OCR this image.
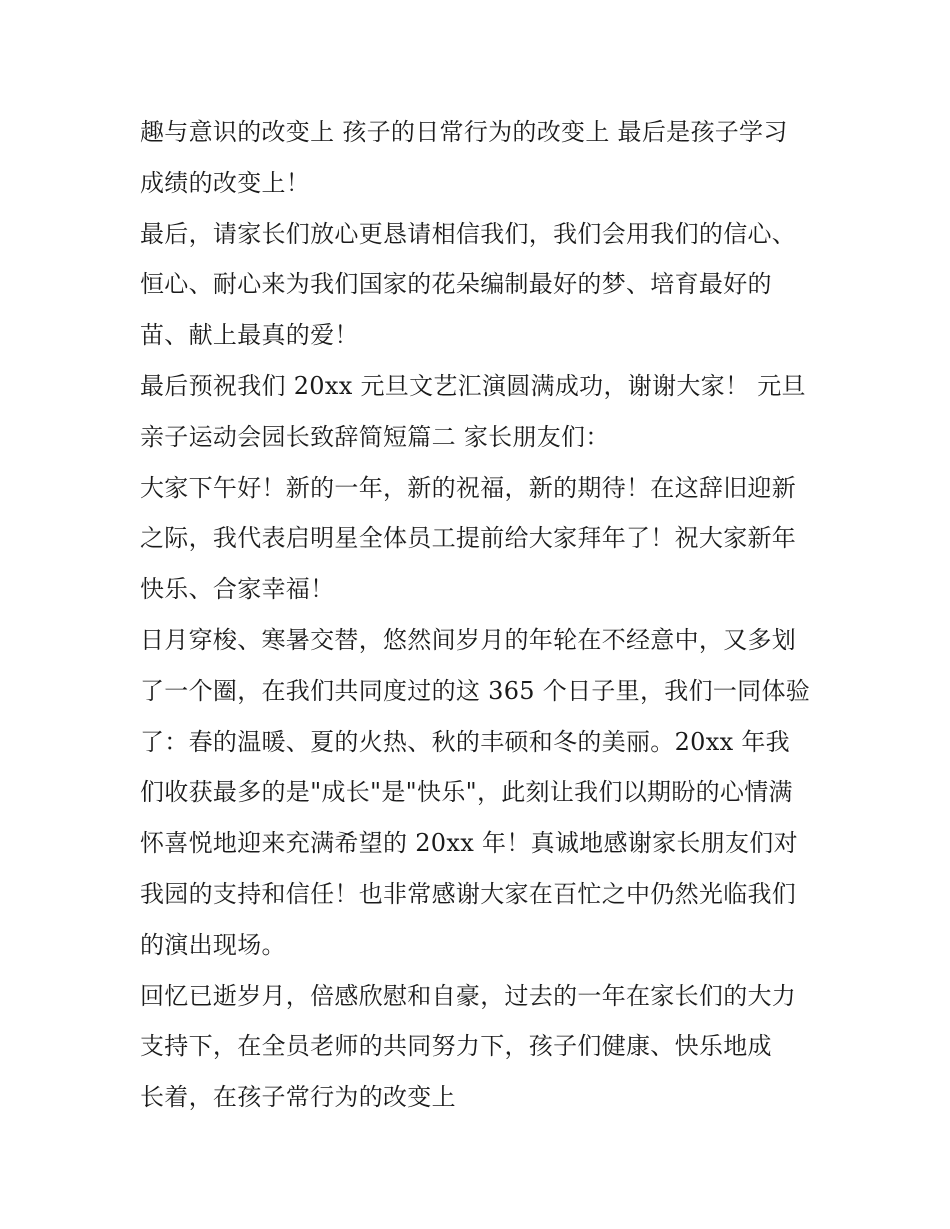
趣与意识的改变上 孩子的日常行为的改变上 最后是孩子学习
成绩的改变上！
最后，请家长们放心更恳请相信我们，我们会用我们的信心、
恒心、耐心来为我们国家的花朵编制最好的梦、培育最好的
苗、献上最真的爱！
最后预祝我们 20xx 元旦文艺汇演圆满成功，谢谢大家！ 元旦
亲子运动会园长致辞简短篇二 家长朋友们：
大家下午好！新的一年，新的祝福，新的期待！在这辞旧迎新
之际，我代表启明星全体员工提前给大家拜年了！祝大家新年
快乐、合家幸福！
日月穿梭、寒暑交替，悠然间岁月的年轮在不经意中，又多划
了一个圈，在我们共同度过的这 365 个日子里，我们一同体验
了：春的温暖、夏的火热、秋的丰硕和冬的美丽。20xx 年我
们收获最多的是"成长"是"快乐"，此刻让我们以期盼的心情满
怀喜悦地迎来充满希望的 20xx 年！真诚地感谢家长朋友们对
我园的支持和信任！也非常感谢大家在百忙之中仍然光临我们
的演出现场。
回忆已逝岁月，倍感欣慰和自豪，过去的一年在家长们的大力
支持下，在全员老师的共同努力下，孩子们健康、快乐地成
长着，在孩子常行为的改变上
